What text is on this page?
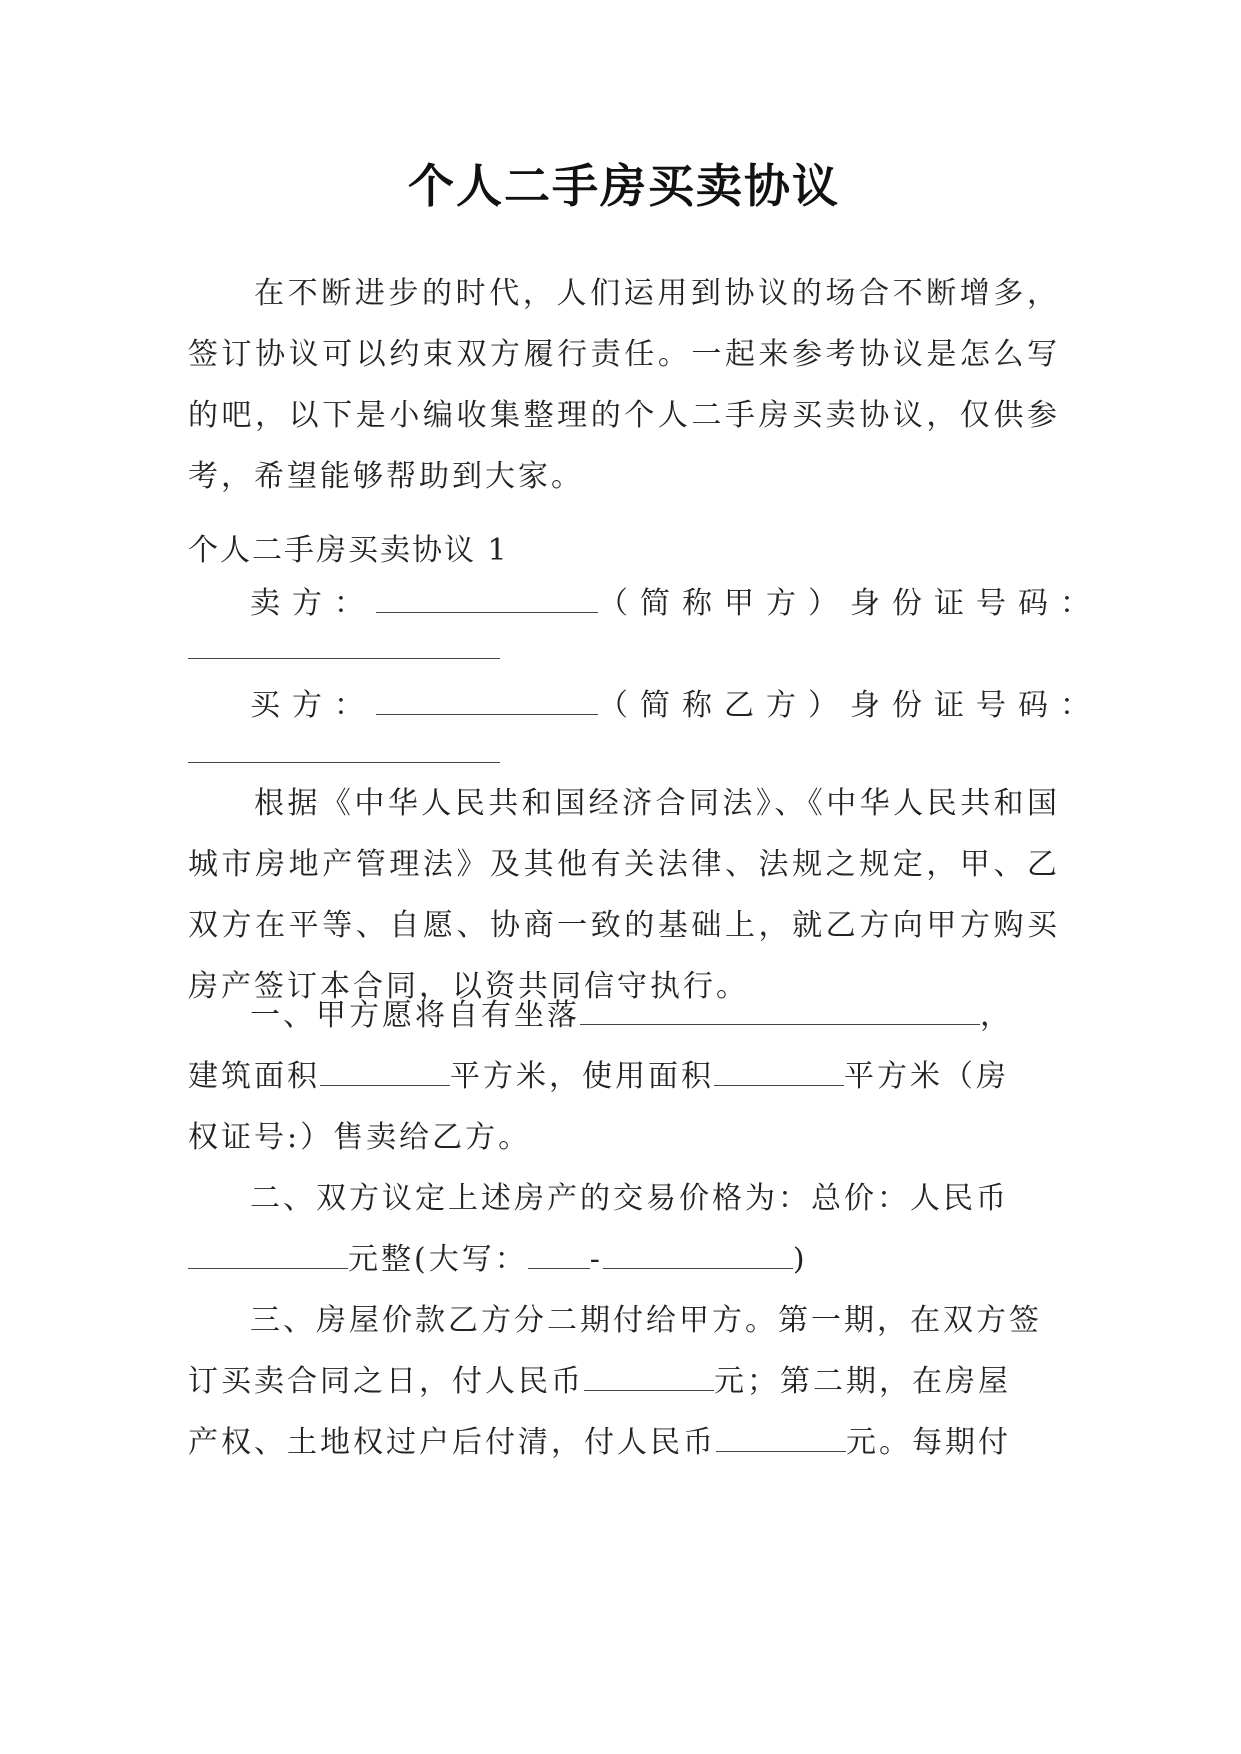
个人二手房买卖协议

在不断进步的时代，人们运用到协议的场合不断增多，签订协议可以约束双方履行责任。一起来参考协议是怎么写的吧，以下是小编收集整理的个人二手房买卖协议，仅供参考，希望能够帮助到大家。

个人二手房买卖协议 1

卖方：	（简称甲方）身份证号码：

买方：	（简称乙方）身份证号码：

根据《中华人民共和国经济合同法》、《中华人民共和国城市房地产管理法》及其他有关法律、法规之规定，甲、乙双方在平等、自愿、协商一致的基础上，就乙方向甲方购买房产签订本合同，以资共同信守执行。

一、甲方愿将自有坐落	，

建筑面积	平方米，使用面积	平方米（房

权证号:）售卖给乙方。

二、双方议定上述房产的交易价格为：总价：人民币

元整(大写： -	)

三、房屋价款乙方分二期付给甲方。第一期，在双方签

订买卖合同之日，付人民币	元；第二期，在房屋

产权、土地权过户后付清，付人民币	元。每期付
